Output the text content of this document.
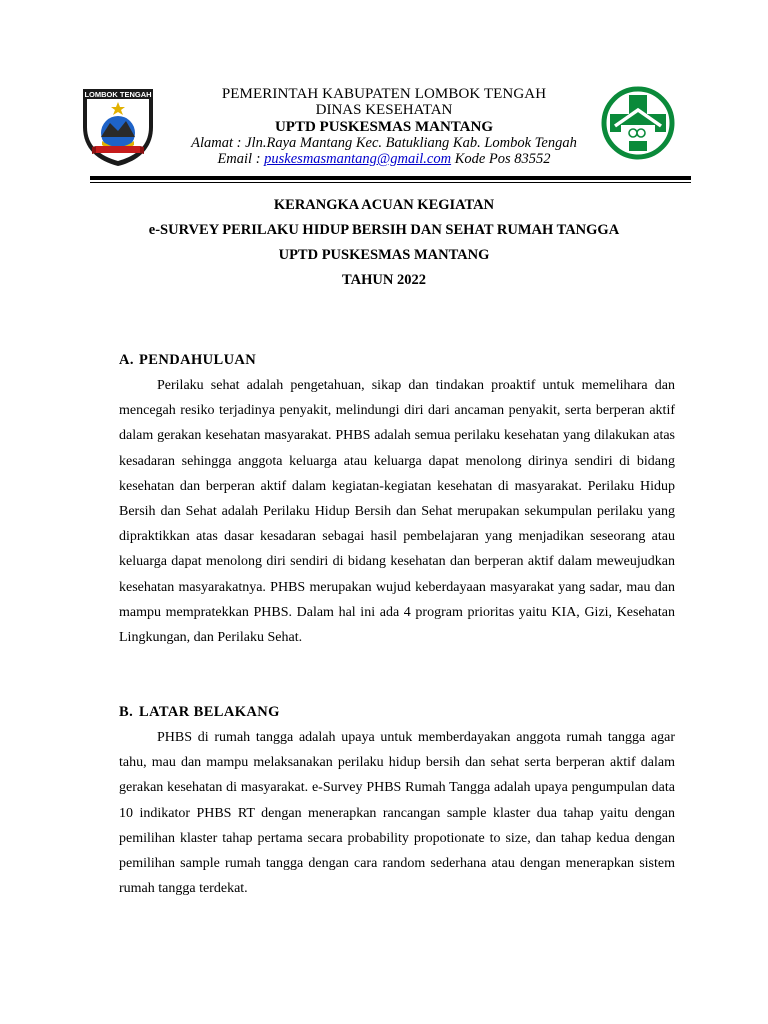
LOMBOK TENGAH	PEMERINTAH KABUPATEN LOMBOK TENGAH
DINAS KESEHATAN
UPTD PUSKESMAS MANTANG
Alamat : Jln.Raya Mantang Kec. Batukliang Kab. Lombok Tengah
Email : puskesmasmantang@gmail.com Kode Pos 83552
KERANGKA ACUAN KEGIATAN
e-SURVEY PERILAKU HIDUP BERSIH DAN SEHAT RUMAH TANGGA
UPTD PUSKESMAS MANTANG
TAHUN 2022
A. PENDAHULUAN
Perilaku sehat adalah pengetahuan, sikap dan tindakan proaktif untuk memelihara dan mencegah resiko terjadinya penyakit, melindungi diri dari ancaman penyakit, serta berperan aktif dalam gerakan kesehatan masyarakat. PHBS adalah semua perilaku kesehatan yang dilakukan atas kesadaran sehingga anggota keluarga atau keluarga dapat menolong dirinya sendiri di bidang kesehatan dan berperan aktif dalam kegiatan-kegiatan kesehatan di masyarakat. Perilaku Hidup Bersih dan Sehat adalah Perilaku Hidup Bersih dan Sehat merupakan sekumpulan perilaku yang dipraktikkan atas dasar kesadaran sebagai hasil pembelajaran yang menjadikan seseorang atau keluarga dapat menolong diri sendiri di bidang kesehatan dan berperan aktif dalam meweujudkan kesehatan masyarakatnya. PHBS merupakan wujud keberdayaan masyarakat yang sadar, mau dan mampu mempratekkan PHBS. Dalam hal ini ada 4 program prioritas yaitu KIA, Gizi, Kesehatan Lingkungan, dan Perilaku Sehat.
B. LATAR BELAKANG
PHBS di rumah tangga adalah upaya untuk memberdayakan anggota rumah tangga agar tahu, mau dan mampu melaksanakan perilaku hidup bersih dan sehat serta berperan aktif dalam gerakan kesehatan di masyarakat. e-Survey PHBS Rumah Tangga adalah upaya pengumpulan data 10 indikator PHBS RT dengan menerapkan rancangan sample klaster dua tahap yaitu dengan pemilihan klaster tahap pertama secara probability propotionate to size, dan tahap kedua dengan pemilihan sample rumah tangga dengan cara random sederhana atau dengan menerapkan sistem rumah tangga terdekat.
